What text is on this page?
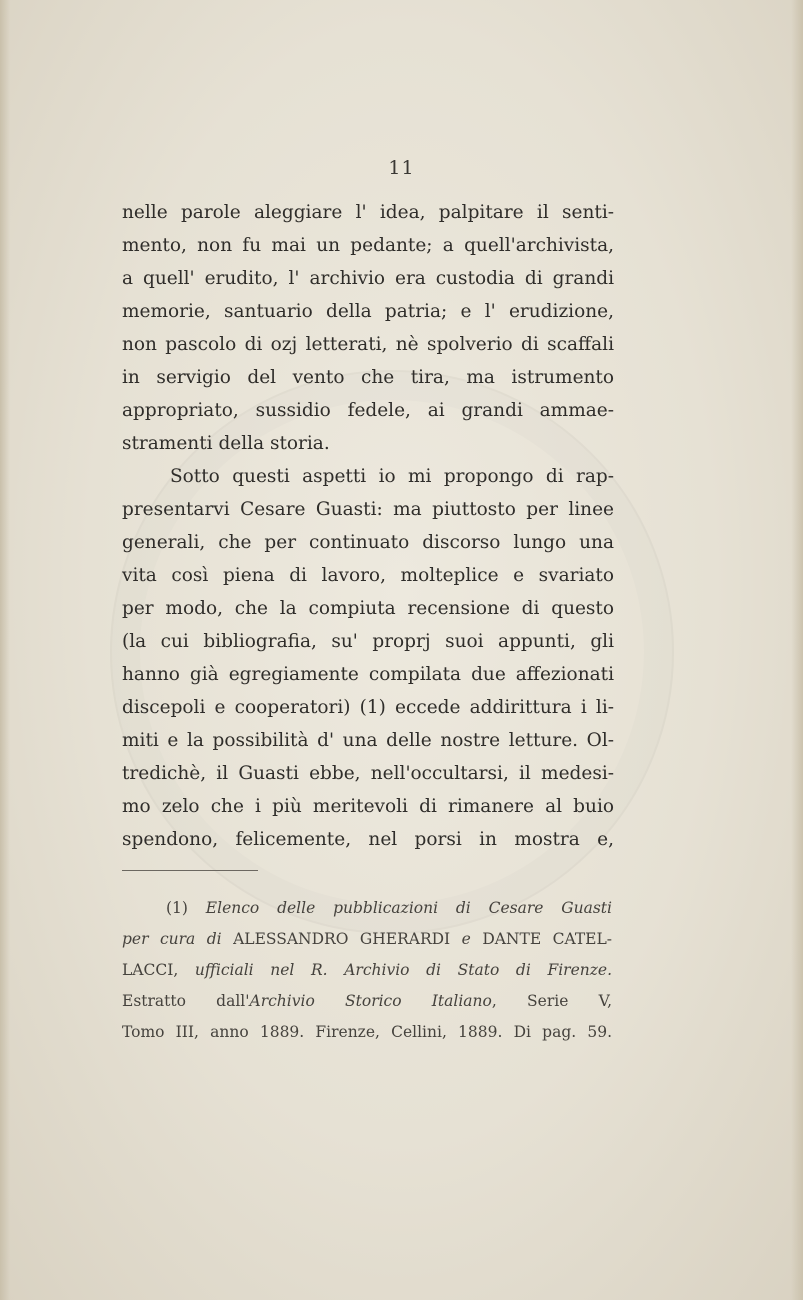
11
nelle parole aleggiare l' idea, palpitare il senti-
mento, non fu mai un pedante; a quell'archivista,
a quell' erudito, l' archivio era custodia di grandi
memorie, santuario della patria; e l' erudizione,
non pascolo di ozj letterati, nè spolverio di scaffali
in servigio del vento che tira, ma istrumento
appropriato, sussidio fedele, ai grandi ammae-
stramenti della storia.
Sotto questi aspetti io mi propongo di rap-
presentarvi Cesare Guasti: ma piuttosto per linee
generali, che per continuato discorso lungo una
vita così piena di lavoro, molteplice e svariato
per modo, che la compiuta recensione di questo
(la cui bibliografia, su' proprj suoi appunti, gli
hanno già egregiamente compilata due affezionati
discepoli e cooperatori) (1) eccede addirittura i li-
miti e la possibilità d' una delle nostre letture. Ol-
tredichè, il Guasti ebbe, nell'occultarsi, il medesi-
mo zelo che i più meritevoli di rimanere al buio
spendono, felicemente, nel porsi in mostra e,
(1) Elenco delle pubblicazioni di Cesare Guasti
per cura di ALESSANDRO GHERARDI e DANTE CATEL-
LACCI, ufficiali nel R. Archivio di Stato di Firenze.
Estratto dall'Archivio Storico Italiano, Serie V,
Tomo III, anno 1889. Firenze, Cellini, 1889. Di pag. 59.
